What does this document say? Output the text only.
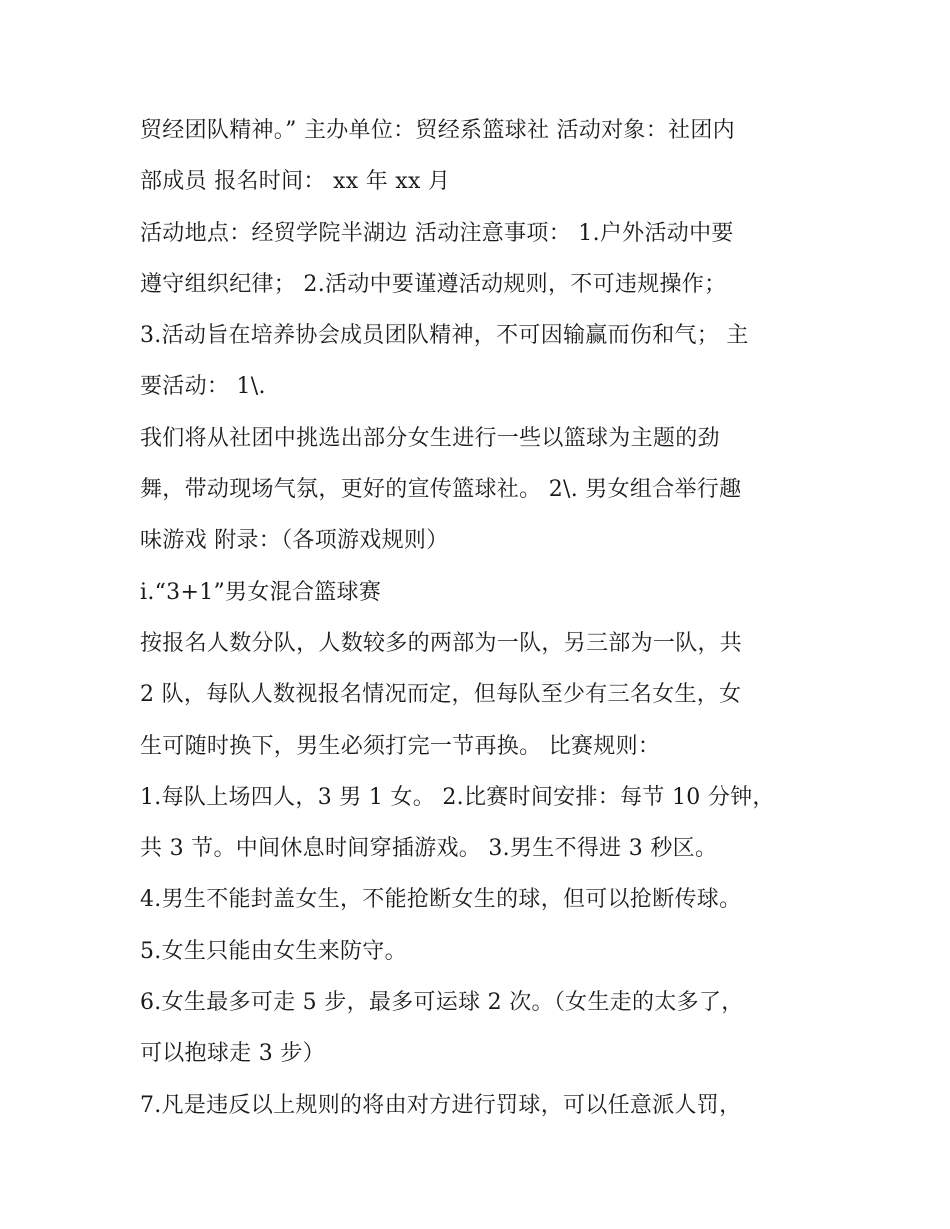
贸经团队精神。” 主办单位：贸经系篮球社 活动对象：社团内
部成员 报名时间： xx 年 xx 月
活动地点：经贸学院半湖边 活动注意事项： 1.户外活动中要
遵守组织纪律； 2.活动中要谨遵活动规则，不可违规操作；
3.活动旨在培养协会成员团队精神，不可因输赢而伤和气； 主
要活动： 1\.
我们将从社团中挑选出部分女生进行一些以篮球为主题的劲
舞，带动现场气氛，更好的宣传篮球社。 2\. 男女组合举行趣
味游戏 附录：（各项游戏规则）
i.“3+1”男女混合篮球赛
按报名人数分队，人数较多的两部为一队，另三部为一队，共
2 队，每队人数视报名情况而定，但每队至少有三名女生，女
生可随时换下，男生必须打完一节再换。 比赛规则：
1.每队上场四人，3 男 1 女。 2.比赛时间安排：每节 10 分钟，
共 3 节。中间休息时间穿插游戏。 3.男生不得进 3 秒区。
4.男生不能封盖女生，不能抢断女生的球，但可以抢断传球。
5.女生只能由女生来防守。
6.女生最多可走 5 步，最多可运球 2 次。（女生走的太多了，
可以抱球走 3 步）
7.凡是违反以上规则的将由对方进行罚球，可以任意派人罚，
